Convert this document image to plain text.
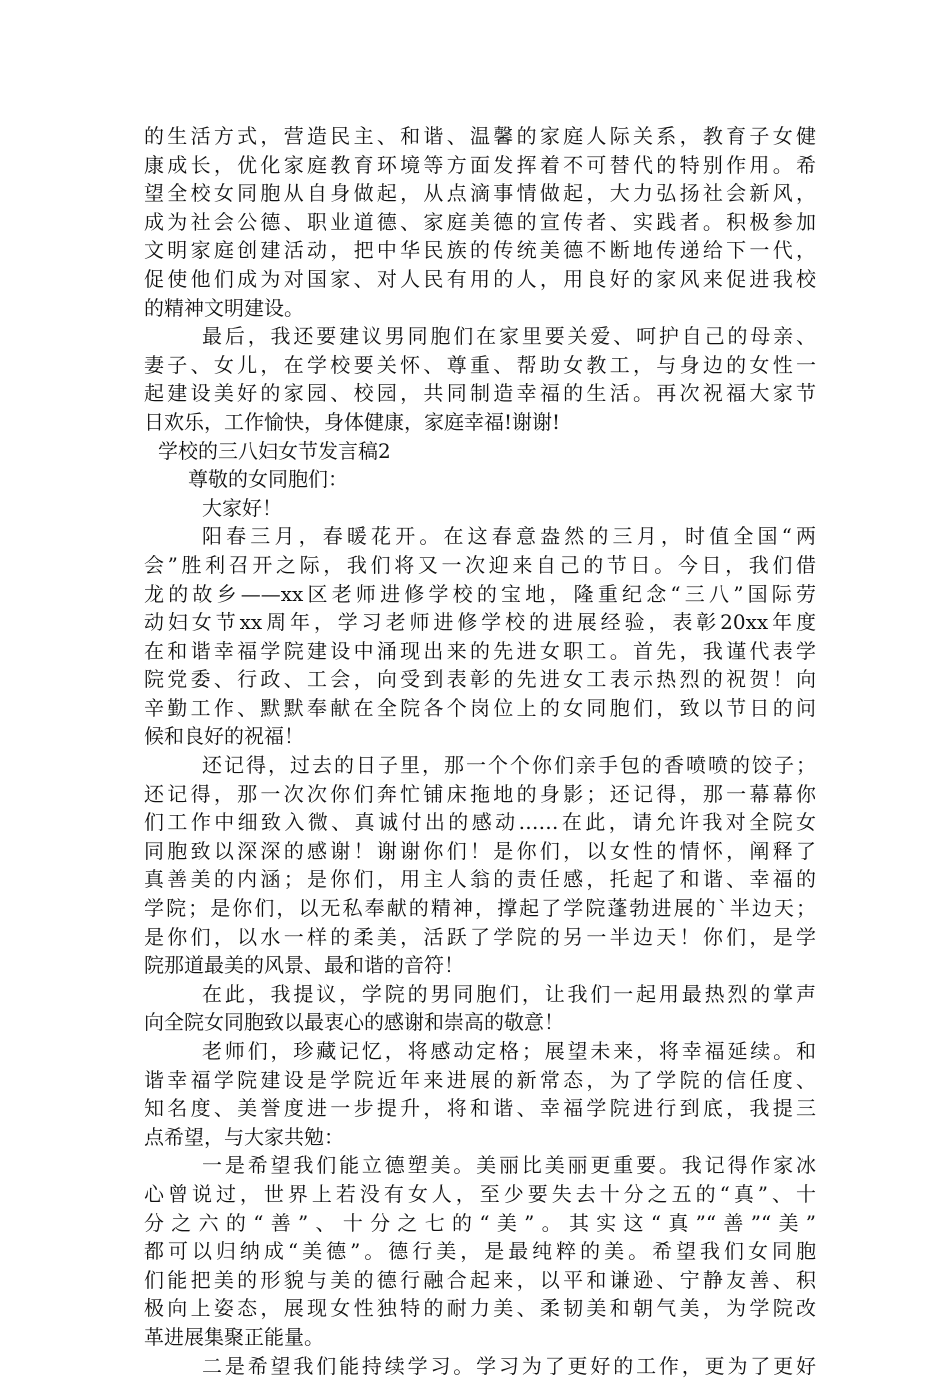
的生活方式，营造民主、和谐、温馨的家庭人际关系，教育子女健
康成长，优化家庭教育环境等方面发挥着不可替代的特别作用。希
望全校女同胞从自身做起，从点滴事情做起，大力弘扬社会新风，
成为社会公德、职业道德、家庭美德的宣传者、实践者。积极参加
文明家庭创建活动，把中华民族的传统美德不断地传递给下一代，
促使他们成为对国家、对人民有用的人，用良好的家风来促进我校
的精神文明建设。
最后，我还要建议男同胞们在家里要关爱、呵护自己的母亲、
妻子、女儿，在学校要关怀、尊重、帮助女教工，与身边的女性一
起建设美好的家园、校园，共同制造幸福的生活。再次祝福大家节
日欢乐，工作愉快，身体健康，家庭幸福!谢谢!
学校的三八妇女节发言稿2
尊敬的女同胞们：
大家好！
阳春三月，春暖花开。在这春意盎然的三月，时值全国“两
会”胜利召开之际，我们将又一次迎来自己的节日。今日，我们借
龙的故乡——xx区老师进修学校的宝地，隆重纪念“三八”国际劳
动妇女节xx周年，学习老师进修学校的进展经验，表彰20xx年度
在和谐幸福学院建设中涌现出来的先进女职工。首先，我谨代表学
院党委、行政、工会，向受到表彰的先进女工表示热烈的祝贺！向
辛勤工作、默默奉献在全院各个岗位上的女同胞们，致以节日的问
候和良好的祝福！
还记得，过去的日子里，那一个个你们亲手包的香喷喷的饺子；
还记得，那一次次你们奔忙铺床拖地的身影；还记得，那一幕幕你
们工作中细致入微、真诚付出的感动……在此，请允许我对全院女
同胞致以深深的感谢！谢谢你们！是你们，以女性的情怀，阐释了
真善美的内涵；是你们，用主人翁的责任感，托起了和谐、幸福的
学院；是你们，以无私奉献的精神，撑起了学院蓬勃进展的`半边天；
是你们，以水一样的柔美，活跃了学院的另一半边天！你们，是学
院那道最美的风景、最和谐的音符！
在此，我提议，学院的男同胞们，让我们一起用最热烈的掌声
向全院女同胞致以最衷心的感谢和崇高的敬意！
老师们，珍藏记忆，将感动定格；展望未来，将幸福延续。和
谐幸福学院建设是学院近年来进展的新常态，为了学院的信任度、
知名度、美誉度进一步提升，将和谐、幸福学院进行到底，我提三
点希望，与大家共勉：
一是希望我们能立德塑美。美丽比美丽更重要。我记得作家冰
心曾说过，世界上若没有女人，至少要失去十分之五的“真”、十
分之六的“善”、十分之七的“美”。其实这“真”“善”“美”
都可以归纳成“美德”。德行美，是最纯粹的美。希望我们女同胞
们能把美的形貌与美的德行融合起来，以平和谦逊、宁静友善、积
极向上姿态，展现女性独特的耐力美、柔韧美和朝气美，为学院改
革进展集聚正能量。
二是希望我们能持续学习。学习为了更好的工作，更为了更好
